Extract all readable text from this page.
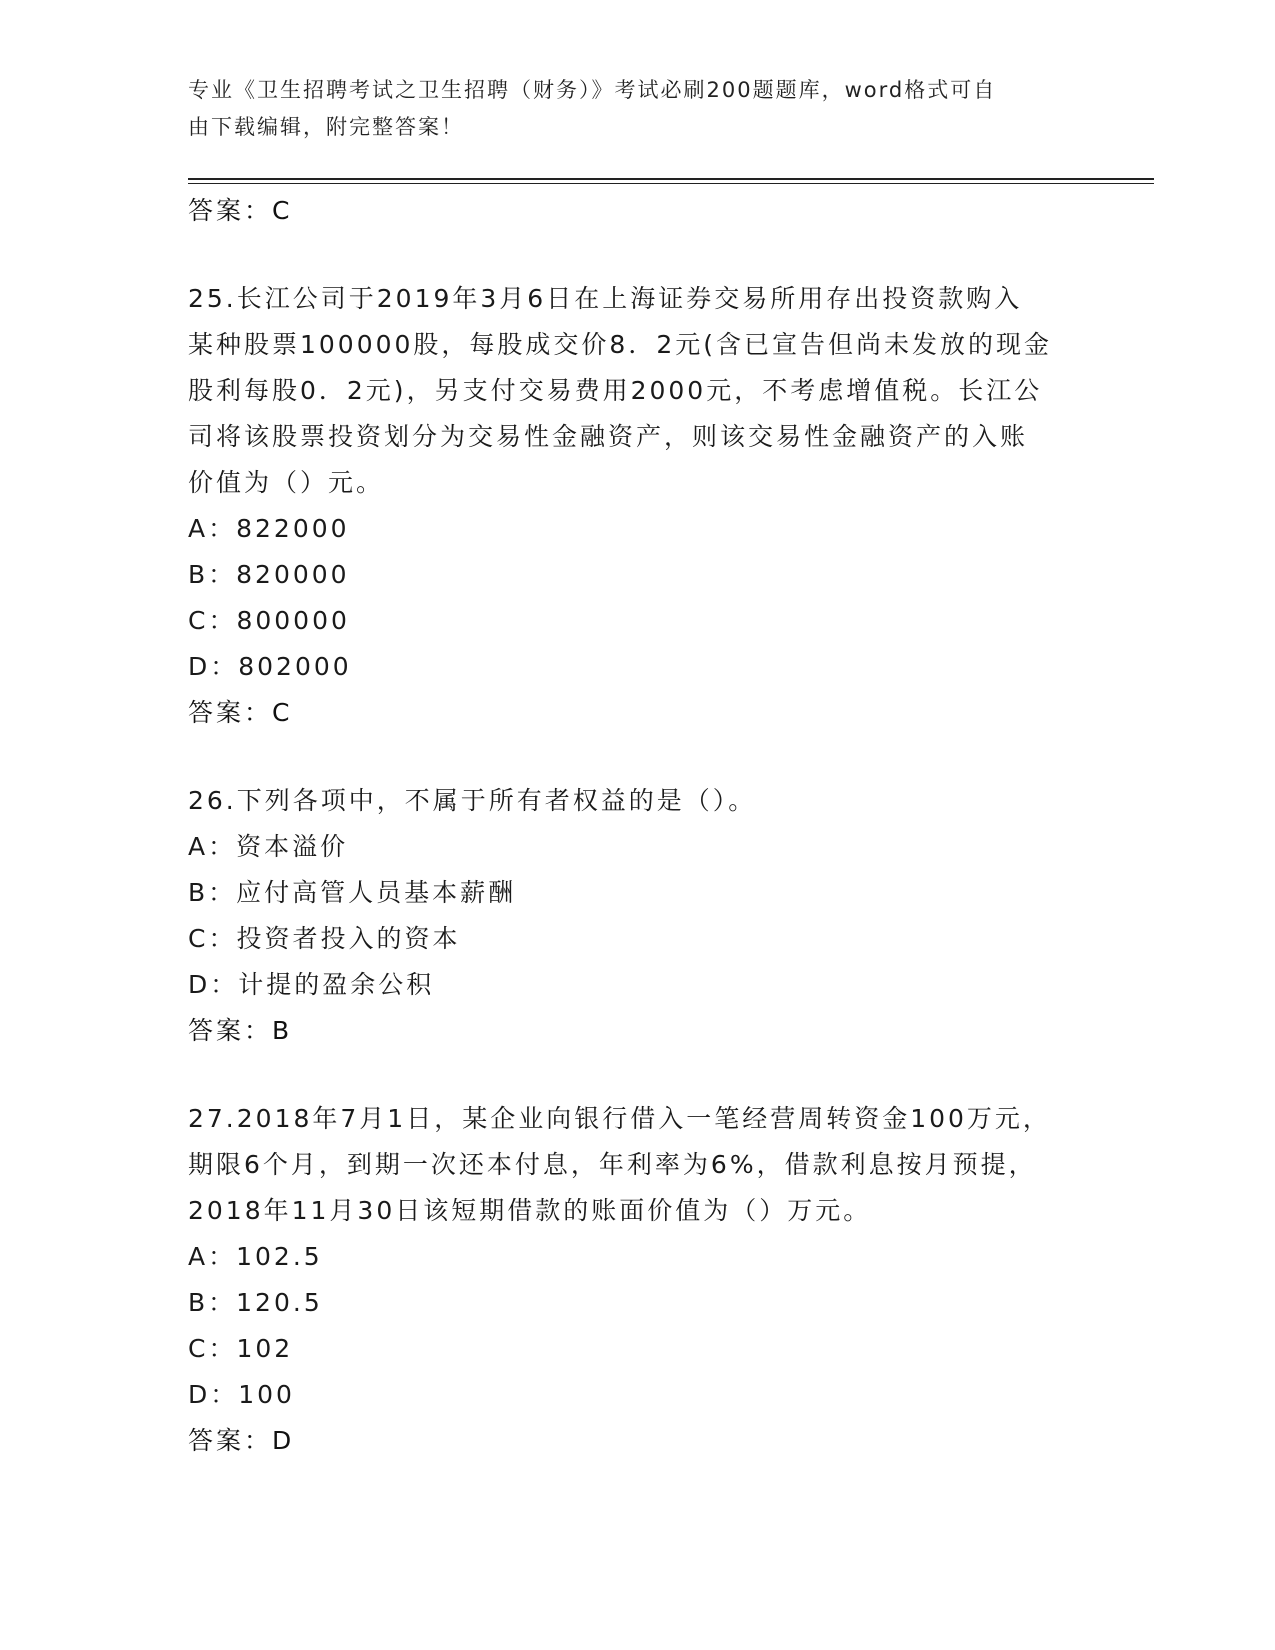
专业《卫生招聘考试之卫生招聘（财务）》考试必刷200题题库，word格式可自
由下载编辑，附完整答案！
答案：C
25.长江公司于2019年3月6日在上海证券交易所用存出投资款购入
某种股票100000股，每股成交价8．2元(含已宣告但尚未发放的现金
股利每股0．2元)，另支付交易费用2000元，不考虑增值税。长江公
司将该股票投资划分为交易性金融资产，则该交易性金融资产的入账
价值为（）元。
A：822000
B：820000
C：800000
D：802000
答案：C
26.下列各项中，不属于所有者权益的是（）。
A：资本溢价
B：应付高管人员基本薪酬
C：投资者投入的资本
D：计提的盈余公积
答案：B
27.2018年7月1日，某企业向银行借入一笔经营周转资金100万元，
期限6个月，到期一次还本付息，年利率为6%，借款利息按月预提，
2018年11月30日该短期借款的账面价值为（）万元。
A：102.5
B：120.5
C：102
D：100
答案：D
